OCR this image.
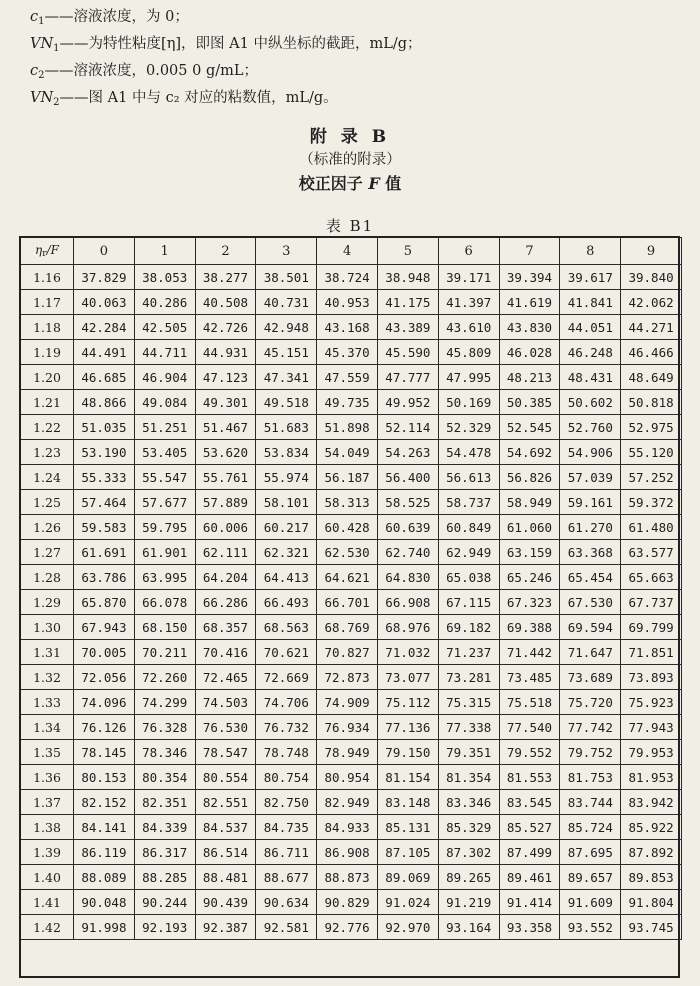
$c_1——$溶液浓度，为 0；
$VN_1——$为特性粘度[η]，即图 A1 中纵坐标的截距，mL/g；
$c_2——$溶液浓度，0.005 0 g/mL；
$VN_2——$图 A1 中与 c₂ 对应的粘数值，mL/g。
附 录 B
（标准的附录）
校正因子 F 值
表 B1
$\eta_r/F$	0	1	2	3	4	5	6	7	8	9
1.16	37.829	38.053	38.277	38.501	38.724	38.948	39.171	39.394	39.617	39.840
1.17	40.063	40.286	40.508	40.731	40.953	41.175	41.397	41.619	41.841	42.062
1.18	42.284	42.505	42.726	42.948	43.168	43.389	43.610	43.830	44.051	44.271
1.19	44.491	44.711	44.931	45.151	45.370	45.590	45.809	46.028	46.248	46.466
1.20	46.685	46.904	47.123	47.341	47.559	47.777	47.995	48.213	48.431	48.649
1.21	48.866	49.084	49.301	49.518	49.735	49.952	50.169	50.385	50.602	50.818
1.22	51.035	51.251	51.467	51.683	51.898	52.114	52.329	52.545	52.760	52.975
1.23	53.190	53.405	53.620	53.834	54.049	54.263	54.478	54.692	54.906	55.120
1.24	55.333	55.547	55.761	55.974	56.187	56.400	56.613	56.826	57.039	57.252
1.25	57.464	57.677	57.889	58.101	58.313	58.525	58.737	58.949	59.161	59.372
1.26	59.583	59.795	60.006	60.217	60.428	60.639	60.849	61.060	61.270	61.480
1.27	61.691	61.901	62.111	62.321	62.530	62.740	62.949	63.159	63.368	63.577
1.28	63.786	63.995	64.204	64.413	64.621	64.830	65.038	65.246	65.454	65.663
1.29	65.870	66.078	66.286	66.493	66.701	66.908	67.115	67.323	67.530	67.737
1.30	67.943	68.150	68.357	68.563	68.769	68.976	69.182	69.388	69.594	69.799
1.31	70.005	70.211	70.416	70.621	70.827	71.032	71.237	71.442	71.647	71.851
1.32	72.056	72.260	72.465	72.669	72.873	73.077	73.281	73.485	73.689	73.893
1.33	74.096	74.299	74.503	74.706	74.909	75.112	75.315	75.518	75.720	75.923
1.34	76.126	76.328	76.530	76.732	76.934	77.136	77.338	77.540	77.742	77.943
1.35	78.145	78.346	78.547	78.748	78.949	79.150	79.351	79.552	79.752	79.953
1.36	80.153	80.354	80.554	80.754	80.954	81.154	81.354	81.553	81.753	81.953
1.37	82.152	82.351	82.551	82.750	82.949	83.148	83.346	83.545	83.744	83.942
1.38	84.141	84.339	84.537	84.735	84.933	85.131	85.329	85.527	85.724	85.922
1.39	86.119	86.317	86.514	86.711	86.908	87.105	87.302	87.499	87.695	87.892
1.40	88.089	88.285	88.481	88.677	88.873	89.069	89.265	89.461	89.657	89.853
1.41	90.048	90.244	90.439	90.634	90.829	91.024	91.219	91.414	91.609	91.804
1.42	91.998	92.193	92.387	92.581	92.776	92.970	93.164	93.358	93.552	93.745
